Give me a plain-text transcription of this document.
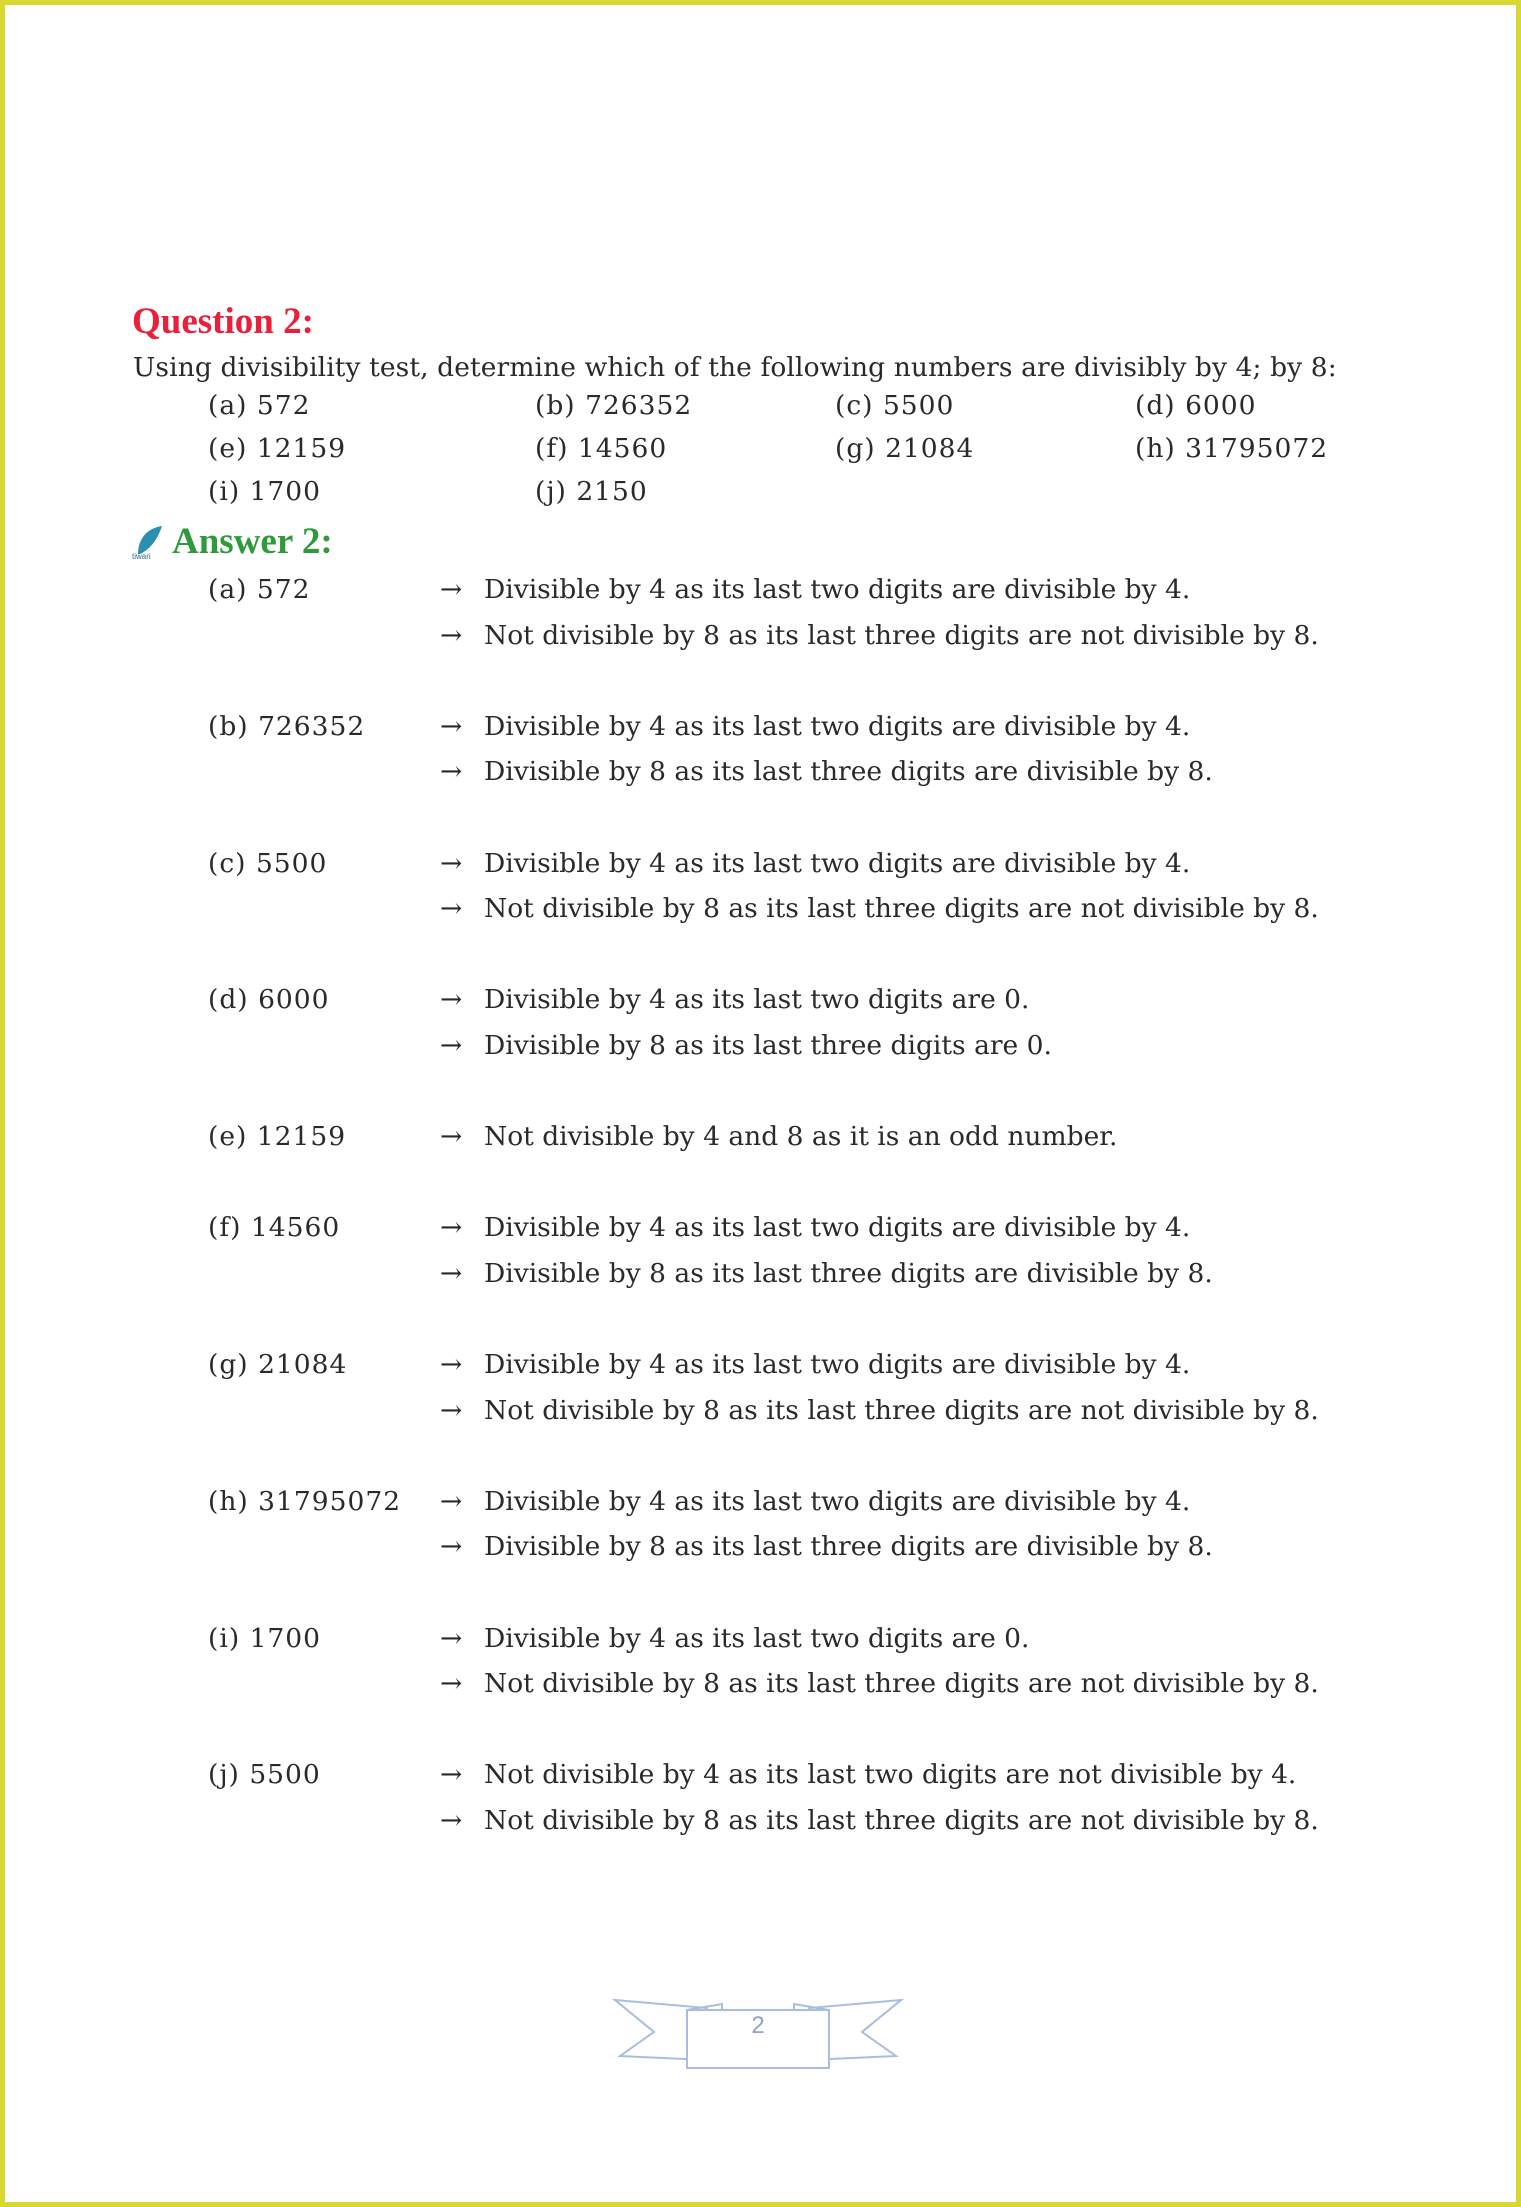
Question 2:
Using divisibility test, determine which of the following numbers are divisibly by 4; by 8:
(a) 572	(b) 726352	(c) 5500	(d) 6000
(e) 12159	(f) 14560	(g) 21084	(h) 31795072
(i) 1700	(j) 2150
tiwari Answer 2:
(a) 572	→ Divisible by 4 as its last two digits are divisible by 4.
→ Not divisible by 8 as its last three digits are not divisible by 8.
(b) 726352	→ Divisible by 4 as its last two digits are divisible by 4.
→ Divisible by 8 as its last three digits are divisible by 8.
(c) 5500	→ Divisible by 4 as its last two digits are divisible by 4.
→ Not divisible by 8 as its last three digits are not divisible by 8.
(d) 6000	→ Divisible by 4 as its last two digits are 0.
→ Divisible by 8 as its last three digits are 0.
(e) 12159	→ Not divisible by 4 and 8 as it is an odd number.
(f) 14560	→ Divisible by 4 as its last two digits are divisible by 4.
→ Divisible by 8 as its last three digits are divisible by 8.
(g) 21084	→ Divisible by 4 as its last two digits are divisible by 4.
→ Not divisible by 8 as its last three digits are not divisible by 8.
(h) 31795072	→ Divisible by 4 as its last two digits are divisible by 4.
→ Divisible by 8 as its last three digits are divisible by 8.
(i) 1700	→ Divisible by 4 as its last two digits are 0.
→ Not divisible by 8 as its last three digits are not divisible by 8.
(j) 5500	→ Not divisible by 4 as its last two digits are not divisible by 4.
→ Not divisible by 8 as its last three digits are not divisible by 8.
2
